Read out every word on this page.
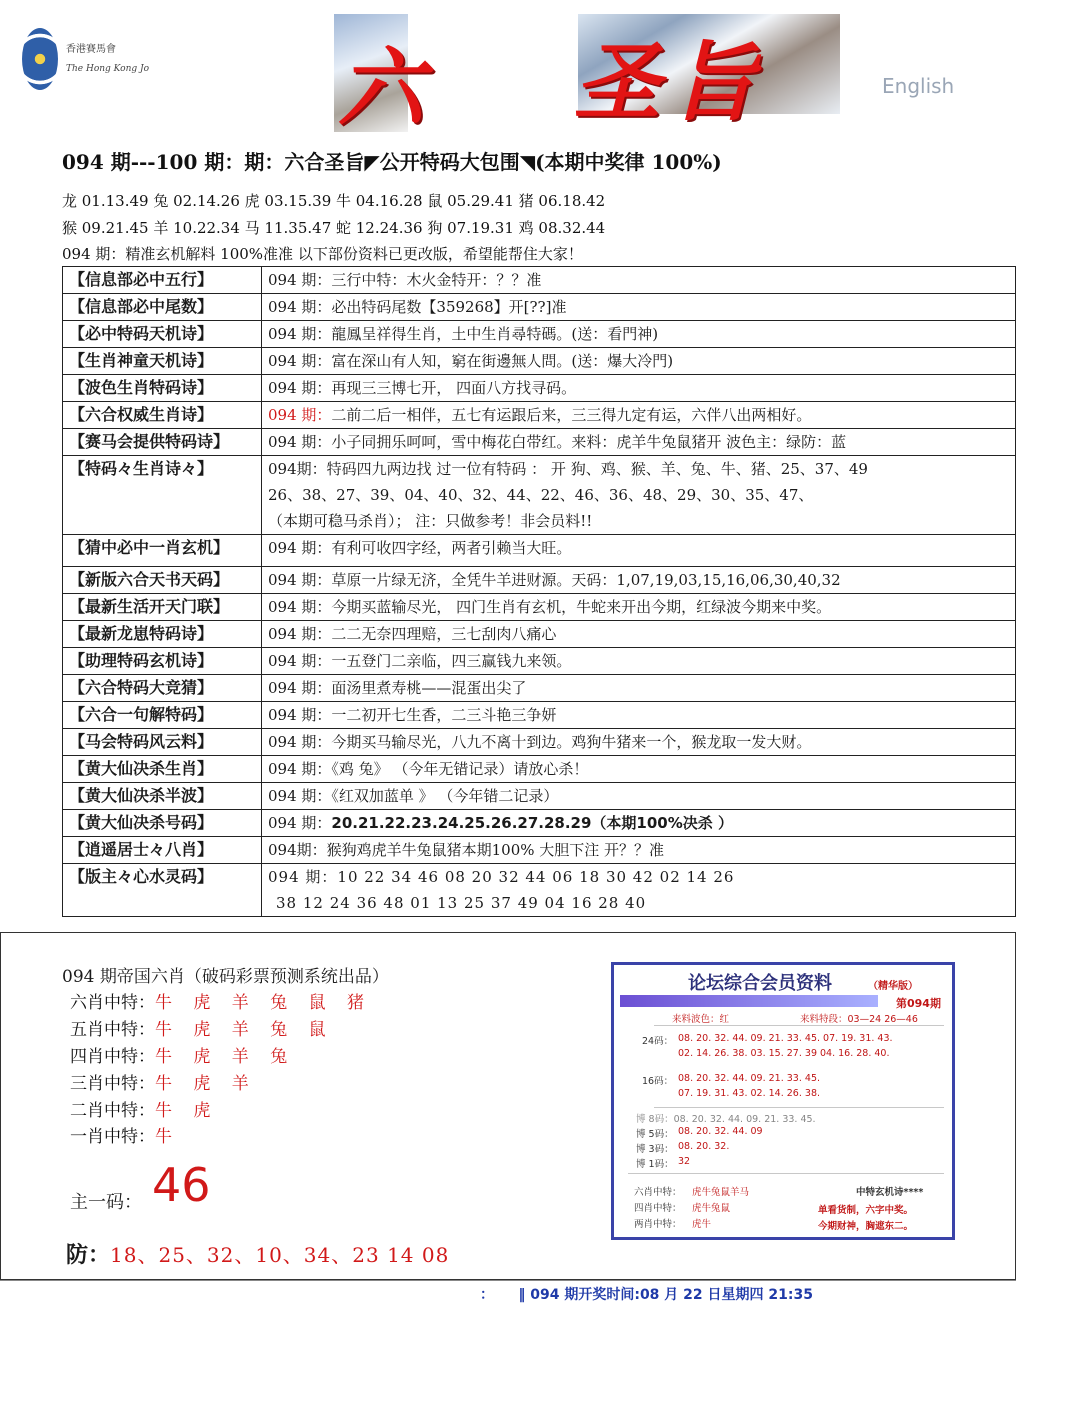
香港賽馬會
The Hong Kong Jo 六 圣 旨	English
094 期---100 期：期：六合圣旨◤公开特码大包围◥(本期中奖律 100%)
龙 01.13.49 兔 02.14.26 虎 03.15.39 牛 04.16.28 鼠 05.29.41 猪 06.18.42
猴 09.21.45 羊 10.22.34 马 11.35.47 蛇 12.24.36 狗 07.19.31 鸡 08.32.44
094 期：精准玄机解料 100%准准 以下部份资料已更改版，希望能帮住大家！
【信息部必中五行】	094 期：三行中特：木火金特开：？？准
【信息部必中尾数】	094 期：必出特码尾数【359268】开[??]准
【必中特码天机诗】	094 期：龍鳳呈祥得生肖，土中生肖尋特碼。(送：看門神)
【生肖神童天机诗】	094 期：富在深山有人知，窮在街邊無人問。(送：爆大冷門)
【波色生肖特码诗】	094 期：再现三三博七开， 四面八方找寻码。
【六合权威生肖诗】	094 期：二前二后一相伴，五七有运跟后来，三三得九定有运，六伴八出两相好。
【赛马会提供特码诗】	094 期：小子同拥乐呵呵，雪中梅花白带红。来料：虎羊牛兔鼠猪开 波色主：绿防：蓝
【特码々生肖诗々】	094期：特码四九两边找 过一位有特码 ： 开 狗、鸡、猴、羊、兔、牛、猪、25、37、49
26、38、27、39、04、40、32、44、22、46、36、48、29、30、35、47、
（本期可稳马杀肖）； 注：只做参考！非会员料!!

【猜中必中一肖玄机】	094 期：有利可收四字经，两者引赖当大旺。
【新版六合天书天码】	094 期：草原一片绿无济，全凭牛羊进财源。天码：1,07,19,03,15,16,06,30,40,32
【最新生活开天门联】	094 期：今期买蓝输尽光， 四门生肖有玄机，牛蛇来开出今期，红绿波今期来中奖。
【最新龙崽特码诗】	094 期：二二无奈四理赔，三七刮肉八痛心
【助理特码玄机诗】	094 期：一五登门二亲临，四三赢钱九来领。
【六合特码大竞猜】	094 期：面汤里煮寿桃——混蛋出尖了
【六合一句解特码】	094 期：一二初开七生香，二三斗艳三争妍
【马会特码风云料】	094 期：今期买马输尽光，八九不离十到边。鸡狗牛猪来一个，猴龙取一发大财。
【黄大仙决杀生肖】	094 期：《鸡 兔》 （今年无错记录）请放心杀！
【黄大仙决杀半波】	094 期：《红双加蓝单 》 （今年错二记录）
【黄大仙决杀号码】	094 期：20.21.22.23.24.25.26.27.28.29（本期100%决杀 ）
【逍遥居士々八肖】	094期：猴狗鸡虎羊牛兔鼠猪本期100% 大胆下注 开？？准
【版主々心水灵码】	094 期：10 22 34 46 08 20 32 44 06 18 30 42 02 14 26
38 12 24 36 48 01 13 25 37 49 04 16 28 40
094 期帝国六肖（破码彩票预测系统出品）
六肖中特：牛 虎 羊 兔 鼠 猪
五肖中特：牛 虎 羊 兔 鼠
四肖中特：牛 虎 羊 兔
三肖中特：牛 虎 羊
二肖中特：牛 虎
一肖中特：牛
主一码： 46
防：18、25、32、10、34、23 14 08
论坛综合会员资料	（精华版）
第094期
来料波色：红	来料特段：03—24 26—46
24码： 08. 20. 32. 44. 09. 21. 33. 45. 07. 19. 31. 43.
02. 14. 26. 38. 03. 15. 27. 39 04. 16. 28. 40.
16码： 08. 20. 32. 44. 09. 21. 33. 45.
07. 19. 31. 43. 02. 14. 26. 38.
博 8码：08. 20. 32. 44. 09. 21. 33. 45.
博 5码： 08. 20. 32. 44. 09
博 3码： 08. 20. 32.
博 1码： 32
六肖中特： 虎牛兔鼠羊马
四肖中特： 虎牛兔鼠
两肖中特： 虎牛
中特玄机诗****
单看货制，六字中奖。
今期财神，胸遮东二。
： ‖ 094 期开奖时间:08 月 22 日星期四 21:35
